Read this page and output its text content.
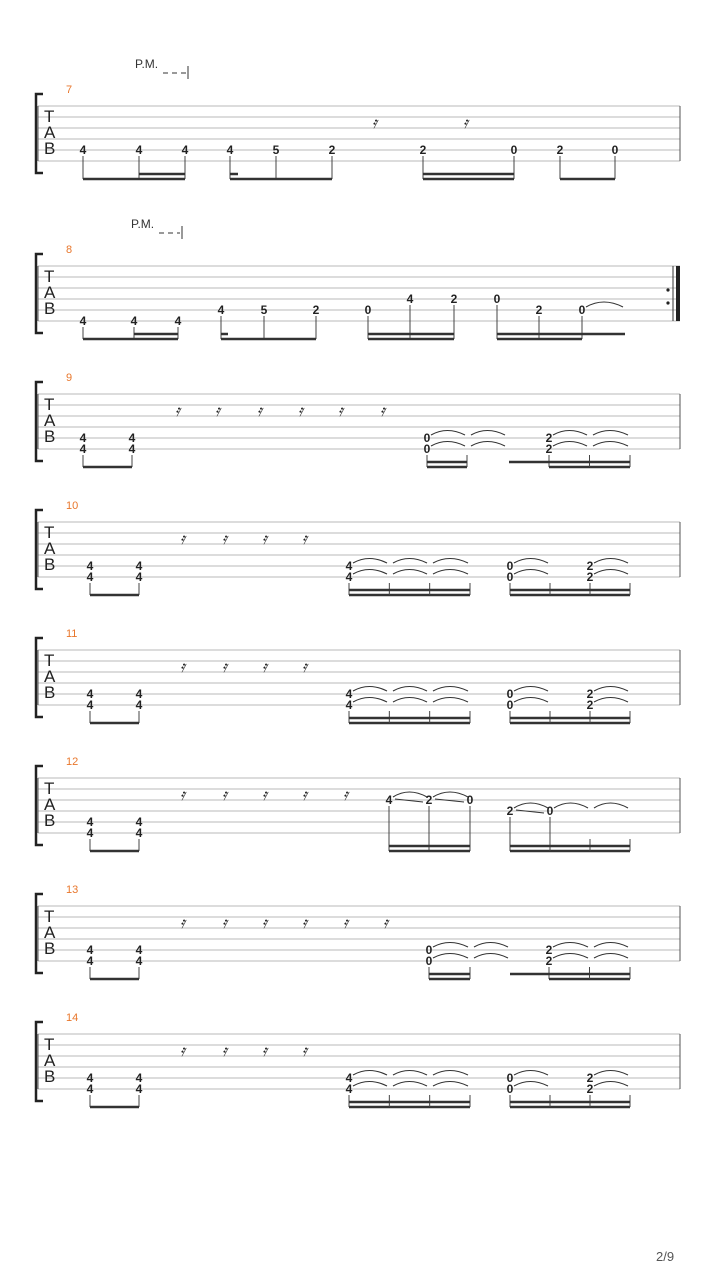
7
T
A
B
P.M.
4	4	4	4	5	2
𝄿
2
𝄿
0	2	0
8
T
A
B
P.M.
4	4	4
4	5	2	0
4	2	0
2	0
9
T
A
B 4
4
4
4
𝄿 𝄿 𝄿 𝄿 𝄿 𝄿
0
0
2
2
10
T
A
B	4
4
4
4
𝄿 𝄿 𝄿 𝄿
4
4
0
0
2
2
11
T
A
B	4
4
4
4
𝄿 𝄿 𝄿 𝄿
4
4
0
0
2
2
12
T
A
B	4
4
4
4
𝄿 𝄿 𝄿 𝄿 𝄿	4	2	0
2	0
13
T
A
B	4
4
4
4
𝄿 𝄿 𝄿 𝄿 𝄿 𝄿
0
0
2
2
14
T
A
B	4
4
4
4
𝄿 𝄿 𝄿 𝄿
4
4
0
0
2
2
2/9
